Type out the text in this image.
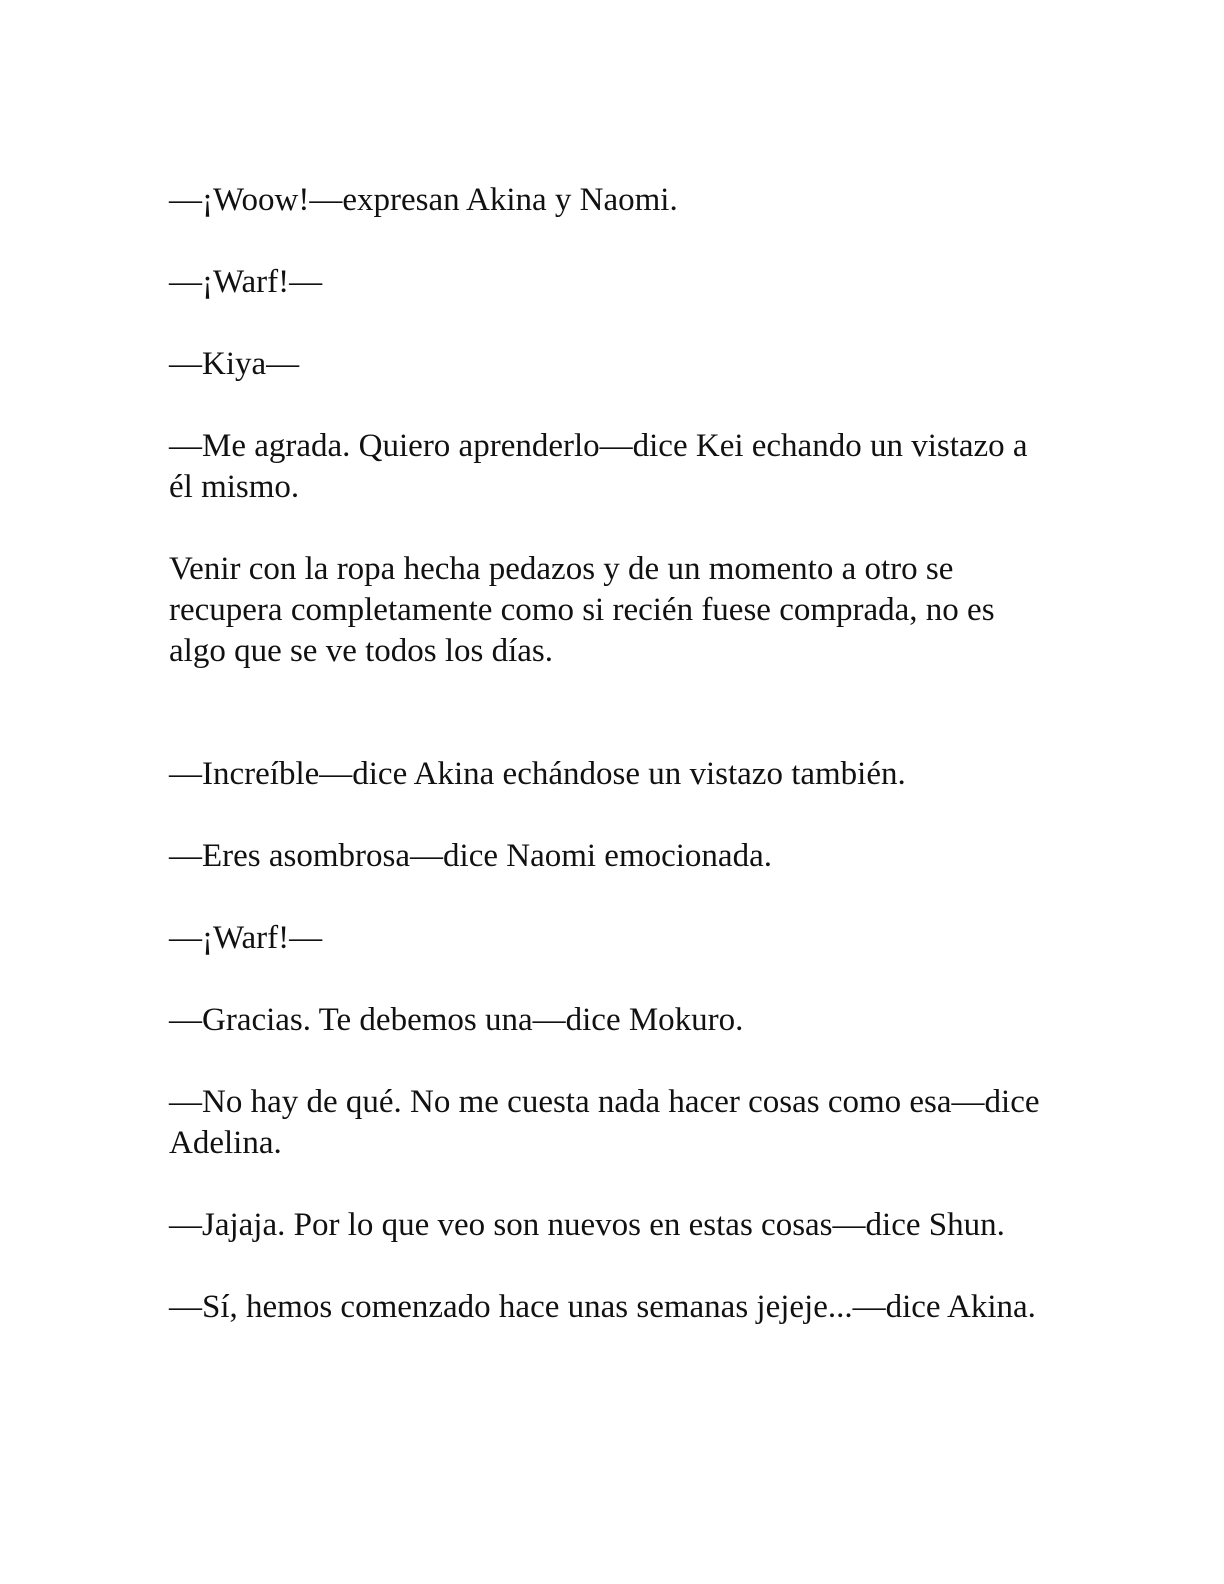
—¡Woow!—expresan Akina y Naomi.

—¡Warf!—

—Kiya—

—Me agrada. Quiero aprenderlo—dice Kei echando un vistazo a él mismo.

Venir con la ropa hecha pedazos y de un momento a otro se recupera completamente como si recién fuese comprada, no es algo que se ve todos los días.

—Increíble—dice Akina echándose un vistazo también.

—Eres asombrosa—dice Naomi emocionada.

—¡Warf!—

—Gracias. Te debemos una—dice Mokuro.

—No hay de qué. No me cuesta nada hacer cosas como esa—dice Adelina.

—Jajaja. Por lo que veo son nuevos en estas cosas—dice Shun.

—Sí, hemos comenzado hace unas semanas jejeje...—dice Akina.
